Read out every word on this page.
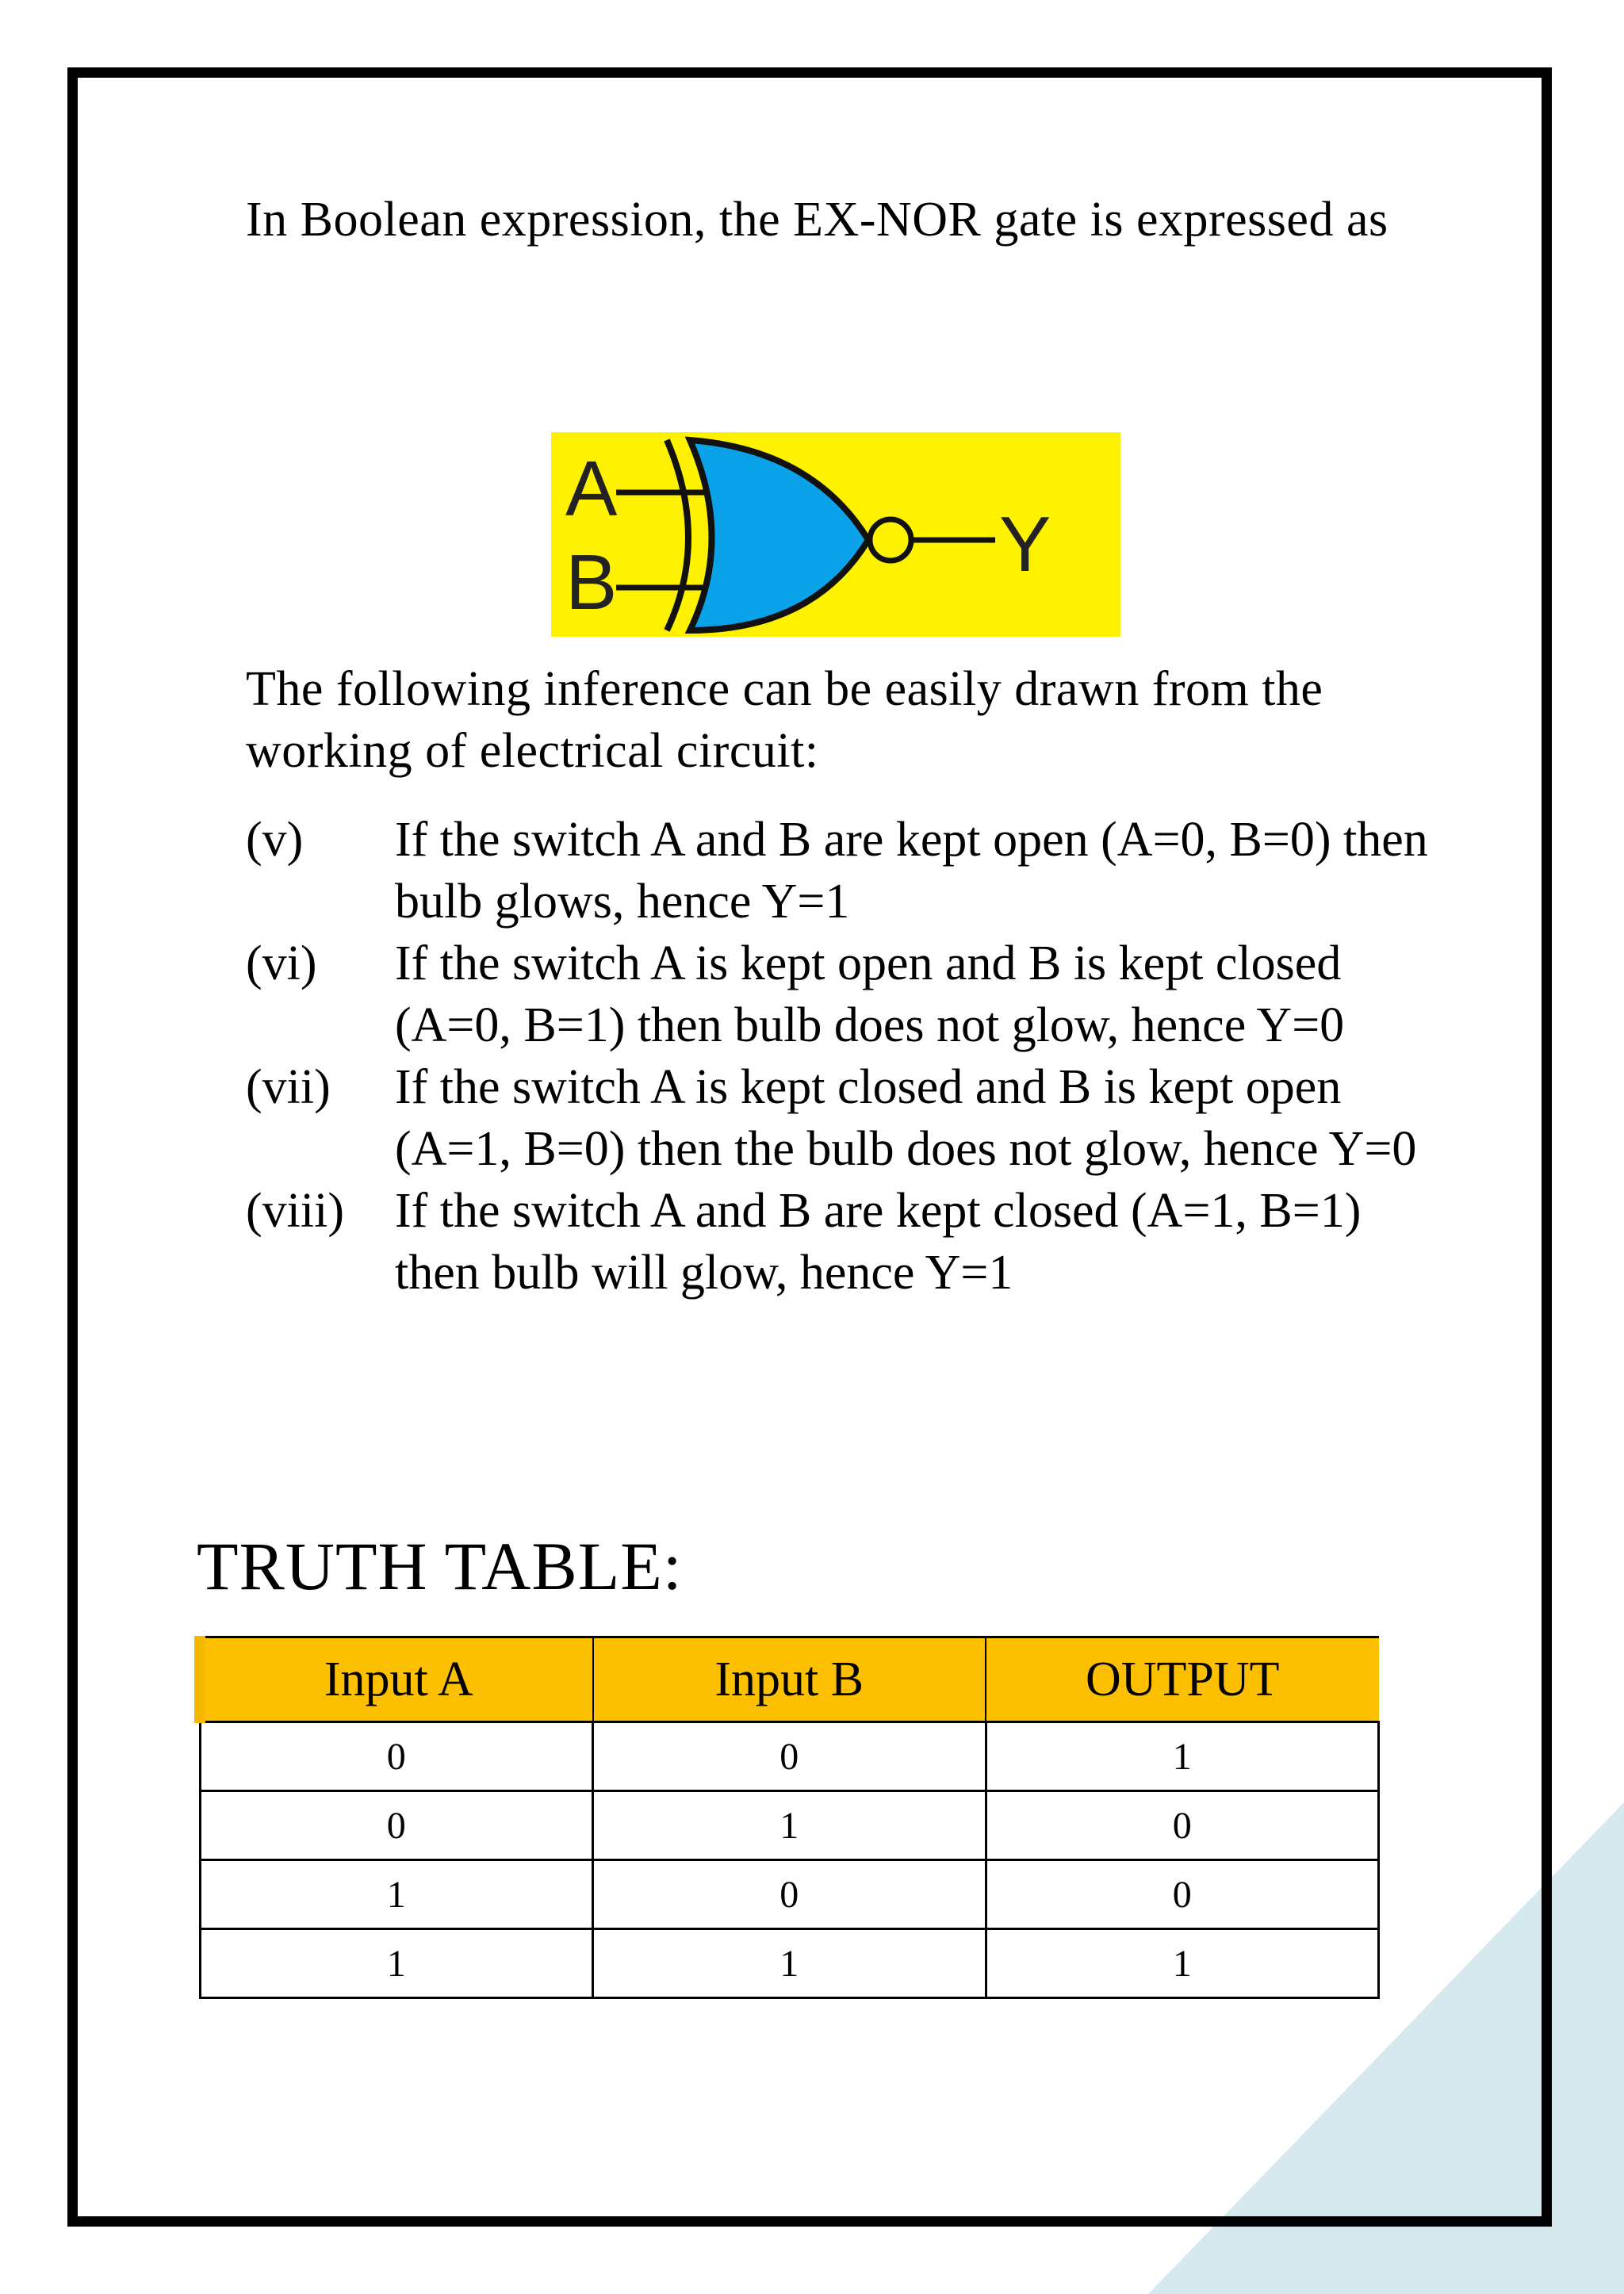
In Boolean expression, the EX-NOR gate is expressed as

A
B	Y

The following inference can be easily drawn from the working of electrical circuit:

(v)	If the switch A and B are kept open (A=0, B=0) then bulb glows, hence Y=1
(vi)	If the switch A is kept open and B is kept closed (A=0, B=1) then bulb does not glow, hence Y=0
(vii)	If the switch A is kept closed and B is kept open (A=1, B=0) then the bulb does not glow, hence Y=0
(viii)	If the switch A and B are kept closed (A=1, B=1) then bulb will glow, hence Y=1
TRUTH TABLE:
Input A	Input B	OUTPUT
0	0	1
0	1	0
1	0	0
1	1	1
